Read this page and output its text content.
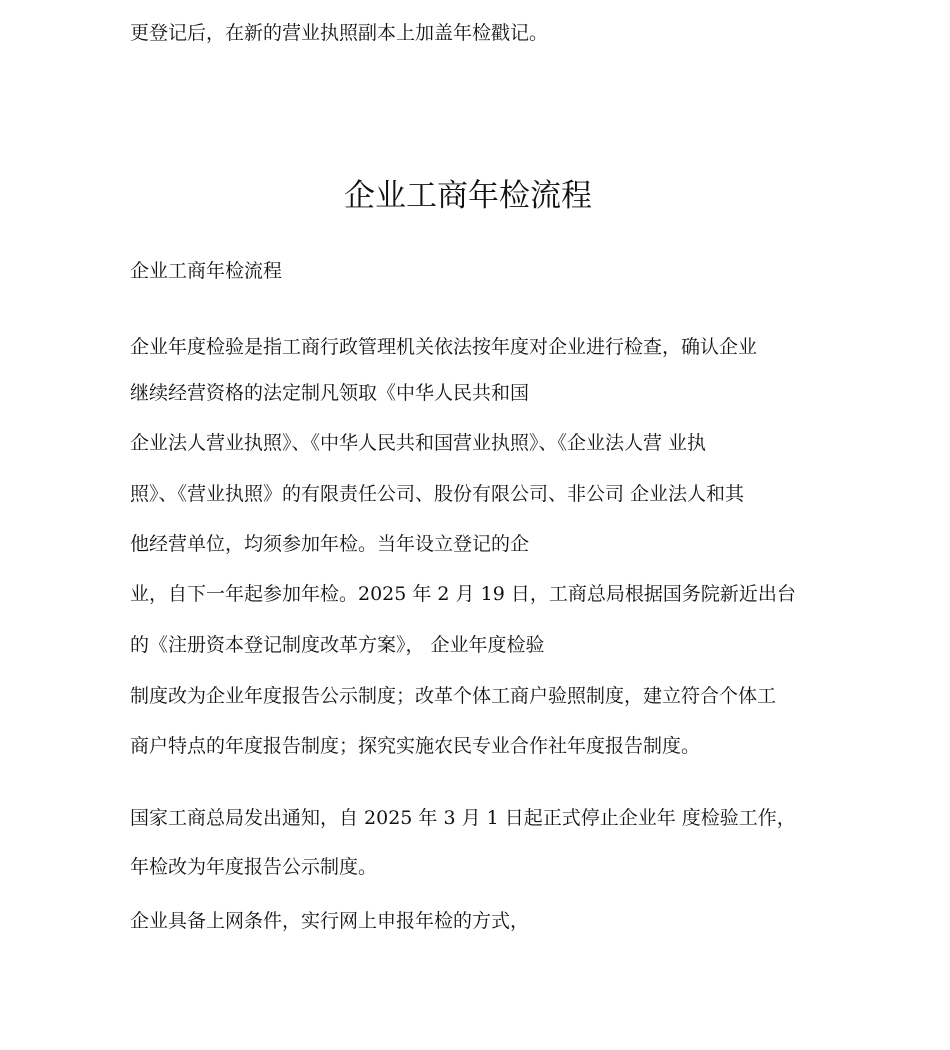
更登记后，在新的营业执照副本上加盖年检戳记。
企业工商年检流程
企业工商年检流程
企业年度检验是指工商行政管理机关依法按年度对企业进行检查，确认企业
继续经营资格的法定制凡领取《中华人民共和国
企业法人营业执照》、《中华人民共和国营业执照》、《企业法人营 业执
照》、《营业执照》的有限责任公司、股份有限公司、非公司 企业法人和其
他经营单位，均须参加年检。当年设立登记的企
业，自下一年起参加年检。2025 年 2 月 19 日，工商总局根据国务院新近出台
的《注册资本登记制度改革方案》， 企业年度检验
制度改为企业年度报告公示制度；改革个体工商户验照制度，建立符合个体工
商户特点的年度报告制度；探究实施农民专业合作社年度报告制度。
国家工商总局发出通知，自 2025 年 3 月 1 日起正式停止企业年 度检验工作，
年检改为年度报告公示制度。
企业具备上网条件，实行网上申报年检的方式，
